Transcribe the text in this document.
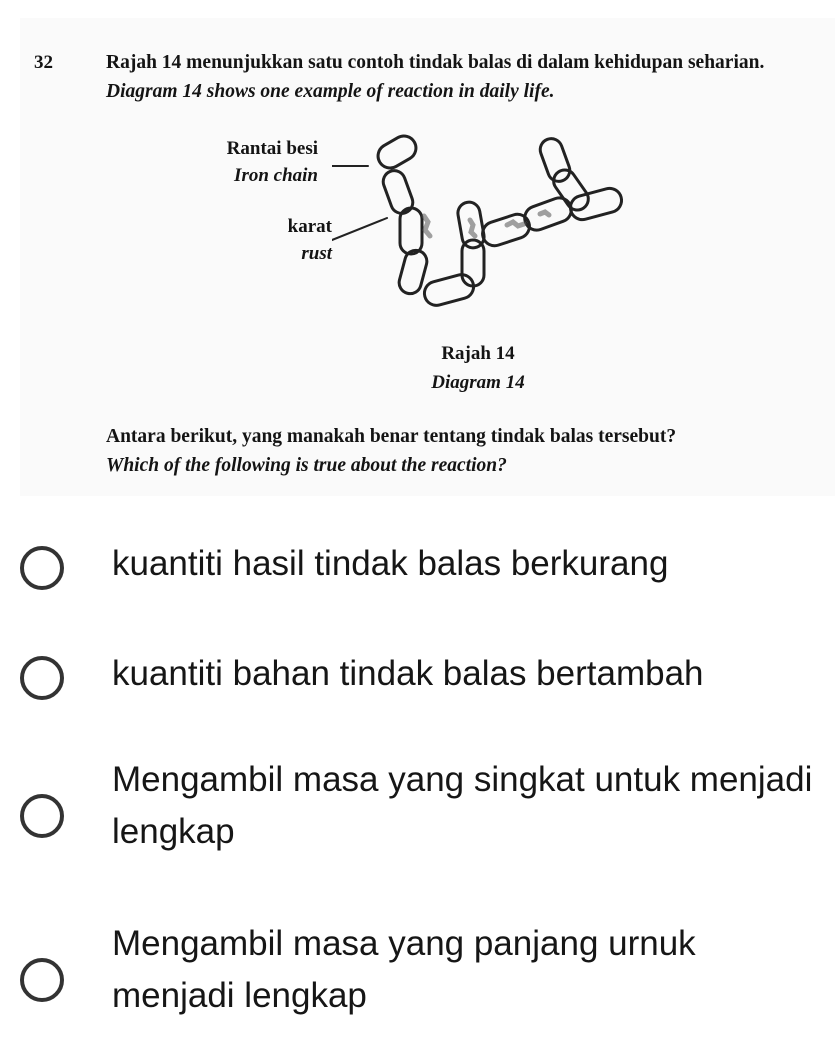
32	Rajah 14 menunjukkan satu contoh tindak balas di dalam kehidupan seharian.
Diagram 14 shows one example of reaction in daily life.
Rantai besi
Iron chain
karat
rust
Rajah 14
Diagram 14
Antara berikut, yang manakah benar tentang tindak balas tersebut?
Which of the following is true about the reaction?
kuantiti hasil tindak balas berkurang
kuantiti bahan tindak balas bertambah
Mengambil masa yang singkat untuk menjadi lengkap
Mengambil masa yang panjang urnuk menjadi lengkap
